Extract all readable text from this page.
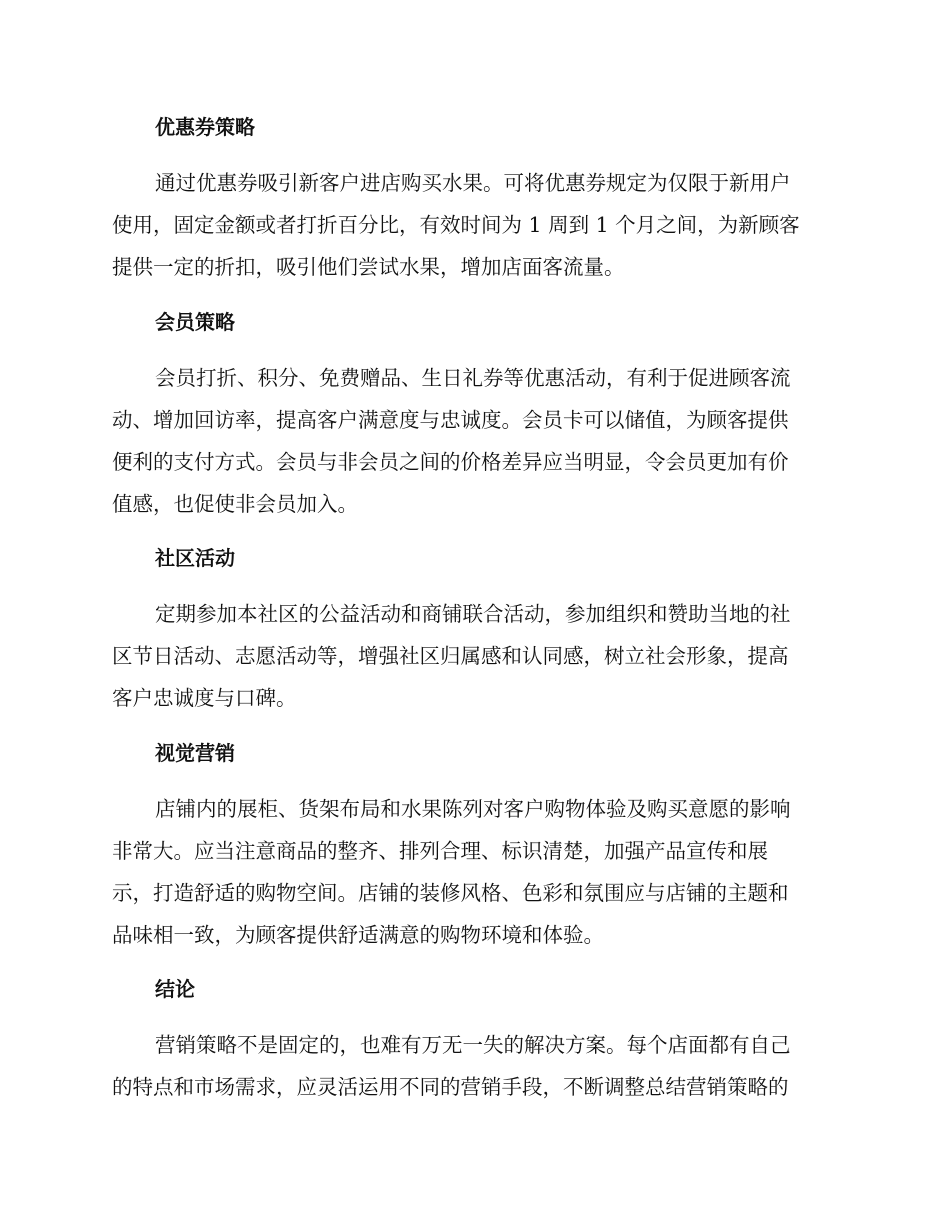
优惠券策略

通过优惠券吸引新客户进店购买水果。可将优惠券规定为仅限于新用户

使用，固定金额或者打折百分比，有效时间为 1 周到 1 个月之间，为新顾客

提供一定的折扣，吸引他们尝试水果，增加店面客流量。

会员策略

会员打折、积分、免费赠品、生日礼券等优惠活动，有利于促进顾客流

动、增加回访率，提高客户满意度与忠诚度。会员卡可以储值，为顾客提供

便利的支付方式。会员与非会员之间的价格差异应当明显，令会员更加有价

值感，也促使非会员加入。

社区活动

定期参加本社区的公益活动和商铺联合活动，参加组织和赞助当地的社

区节日活动、志愿活动等，增强社区归属感和认同感，树立社会形象，提高

客户忠诚度与口碑。

视觉营销

店铺内的展柜、货架布局和水果陈列对客户购物体验及购买意愿的影响

非常大。应当注意商品的整齐、排列合理、标识清楚，加强产品宣传和展

示，打造舒适的购物空间。店铺的装修风格、色彩和氛围应与店铺的主题和

品味相一致，为顾客提供舒适满意的购物环境和体验。

结论

营销策略不是固定的，也难有万无一失的解决方案。每个店面都有自己

的特点和市场需求，应灵活运用不同的营销手段，不断调整总结营销策略的
